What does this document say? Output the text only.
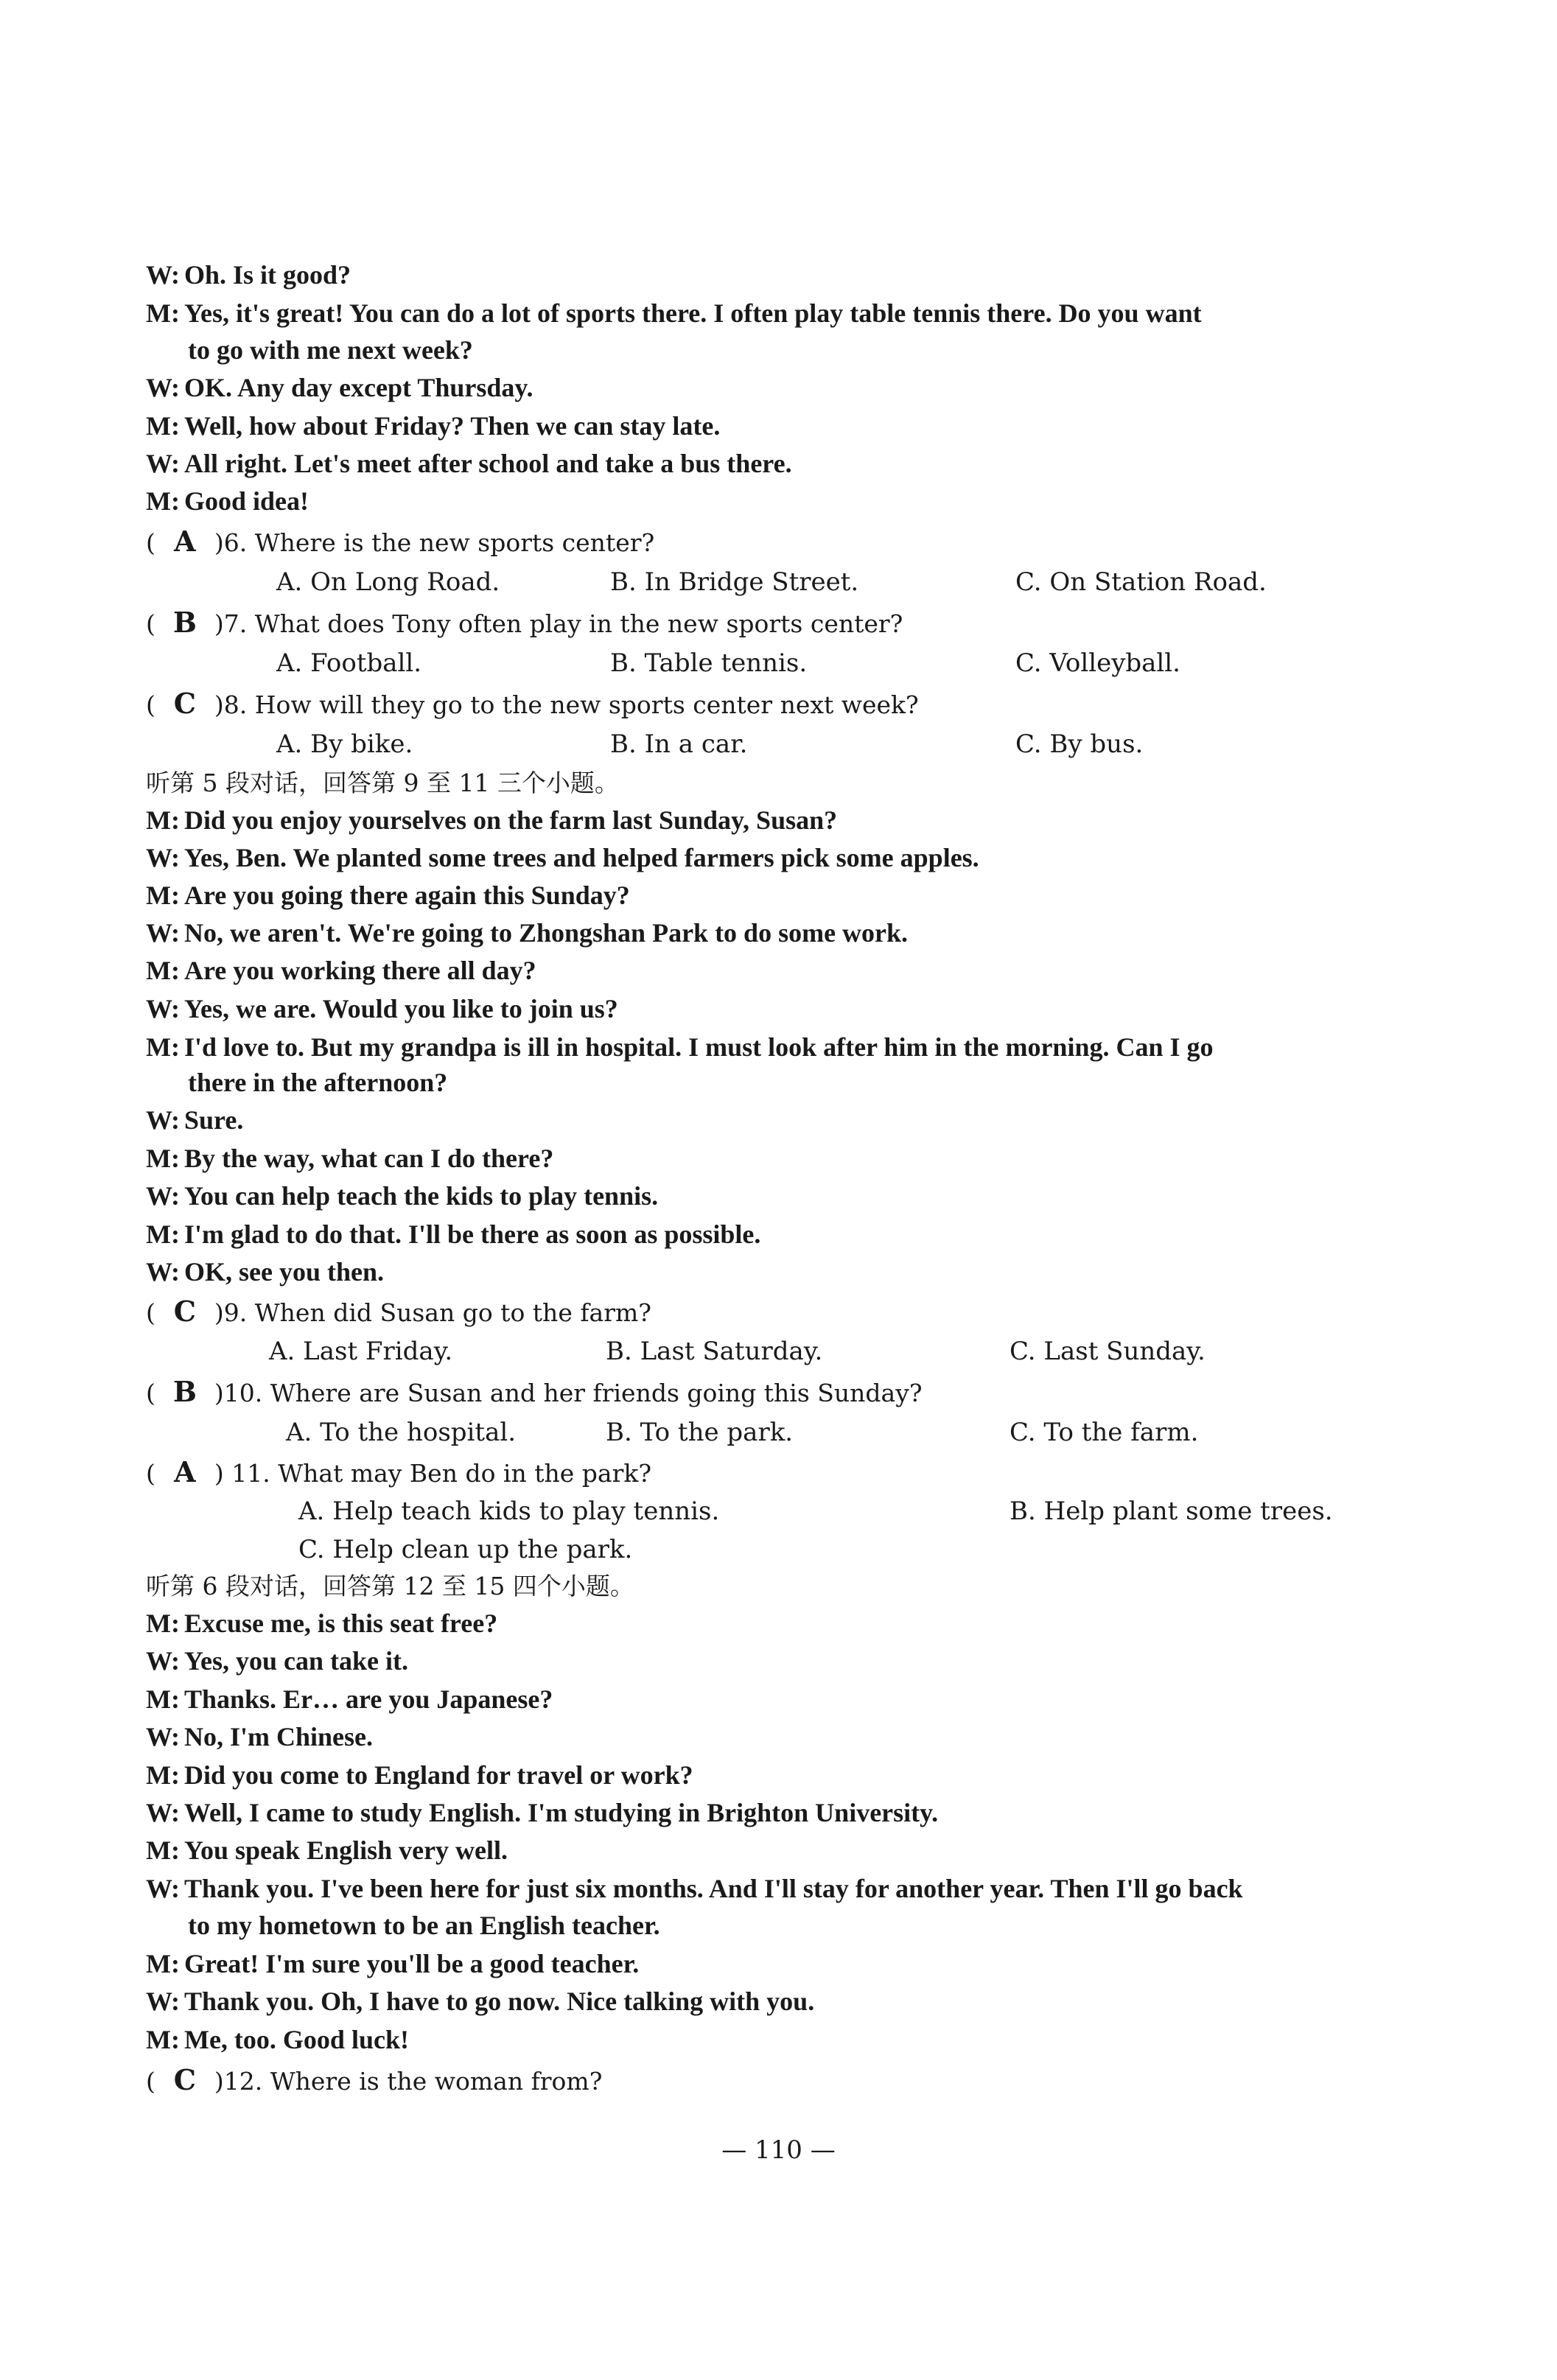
W: Oh. Is it good?
M: Yes, it's great! You can do a lot of sports there. I often play table tennis there. Do you want
to go with me next week?
W: OK. Any day except Thursday.
M: Well, how about Friday? Then we can stay late.
W: All right. Let's meet after school and take a bus there.
M: Good idea!
( A )6. Where is the new sports center?
A. On Long Road.	B. In Bridge Street.	C. On Station Road.
( B )7. What does Tony often play in the new sports center?
A. Football.	B. Table tennis.	C. Volleyball.
( C )8. How will they go to the new sports center next week?
A. By bike.	B. In a car.	C. By bus.
听第 5 段对话，回答第 9 至 11 三个小题。
M: Did you enjoy yourselves on the farm last Sunday, Susan?
W: Yes, Ben. We planted some trees and helped farmers pick some apples.
M: Are you going there again this Sunday?
W: No, we aren't. We're going to Zhongshan Park to do some work.
M: Are you working there all day?
W: Yes, we are. Would you like to join us?
M: I'd love to. But my grandpa is ill in hospital. I must look after him in the morning. Can I go
there in the afternoon?
W: Sure.
M: By the way, what can I do there?
W: You can help teach the kids to play tennis.
M: I'm glad to do that. I'll be there as soon as possible.
W: OK, see you then.
( C )9. When did Susan go to the farm?
A. Last Friday.	B. Last Saturday.	C. Last Sunday.
( B )10. Where are Susan and her friends going this Sunday?
A. To the hospital.	B. To the park.	C. To the farm.
( A ) 11. What may Ben do in the park?
A. Help teach kids to play tennis.	B. Help plant some trees.
C. Help clean up the park.
听第 6 段对话，回答第 12 至 15 四个小题。
M: Excuse me, is this seat free?
W: Yes, you can take it.
M: Thanks. Er… are you Japanese?
W: No, I'm Chinese.
M: Did you come to England for travel or work?
W: Well, I came to study English. I'm studying in Brighton University.
M: You speak English very well.
W: Thank you. I've been here for just six months. And I'll stay for another year. Then I'll go back
to my hometown to be an English teacher.
M: Great! I'm sure you'll be a good teacher.
W: Thank you. Oh, I have to go now. Nice talking with you.
M: Me, too. Good luck!
( C )12. Where is the woman from?
— 110 —
